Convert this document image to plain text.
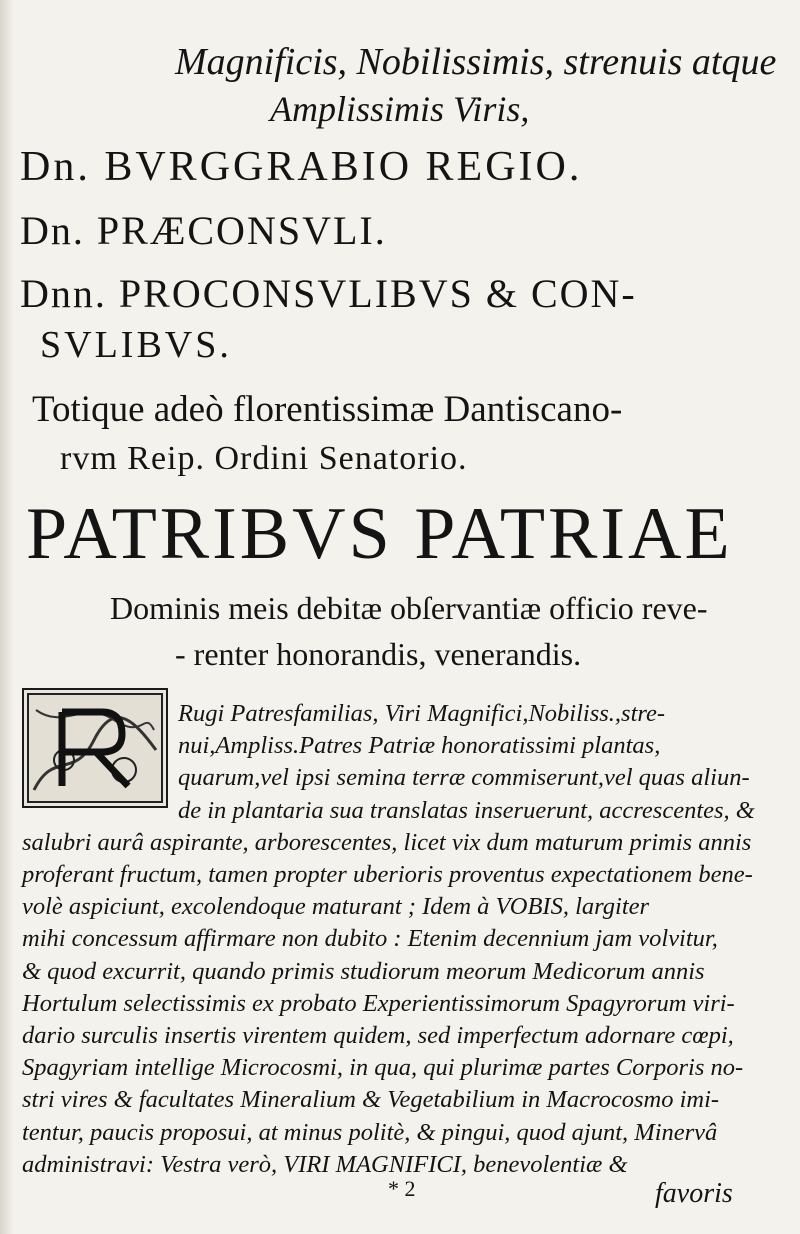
Magnificis, Nobilissimis, strenuis atque
Amplissimis Viris,
Dn. BVRGGRABIO REGIO.
Dn. PRÆCONSVLI.
Dnn. PROCONSVLIBVS & CON-
SVLIBVS.
Totique adeò florentissimæ Dantiscano-
rvm Reip. Ordini Senatorio.
PATRIBVS PATRIAE
Dominis meis debitæ obſervantiæ officio reve-
- renter honorandis, venerandis.
Rugi Patresfamilias, Viri Magnifici,Nobiliss.,stre-
nui,Ampliss.Patres Patriæ honoratissimi plantas,
quarum,vel ipsi semina terræ commiserunt,vel quas aliun-
de in plantaria sua translatas inseruerunt, accrescentes, &
salubri aurâ aspirante, arborescentes, licet vix dum maturum primis annis
proferant fructum, tamen propter uberioris proventus expectationem bene-
volè aspiciunt, excolendoque maturant ; Idem à VOBIS, largiter
mihi concessum affirmare non dubito : Etenim decennium jam volvitur,
& quod excurrit, quando primis studiorum meorum Medicorum annis
Hortulum selectissimis ex probato Experientissimorum Spagyrorum viri-
dario surculis insertis virentem quidem, sed imperfectum adornare cœpi,
Spagyriam intellige Microcosmi, in qua, qui plurimæ partes Corporis no-
stri vires & facultates Mineralium & Vegetabilium in Macrocosmo imi-
tentur, paucis proposui, at minus politè, & pingui, quod ajunt, Minervâ
administravi: Vestra verò, VIRI MAGNIFICI, benevolentiæ &
* 2	favoris
